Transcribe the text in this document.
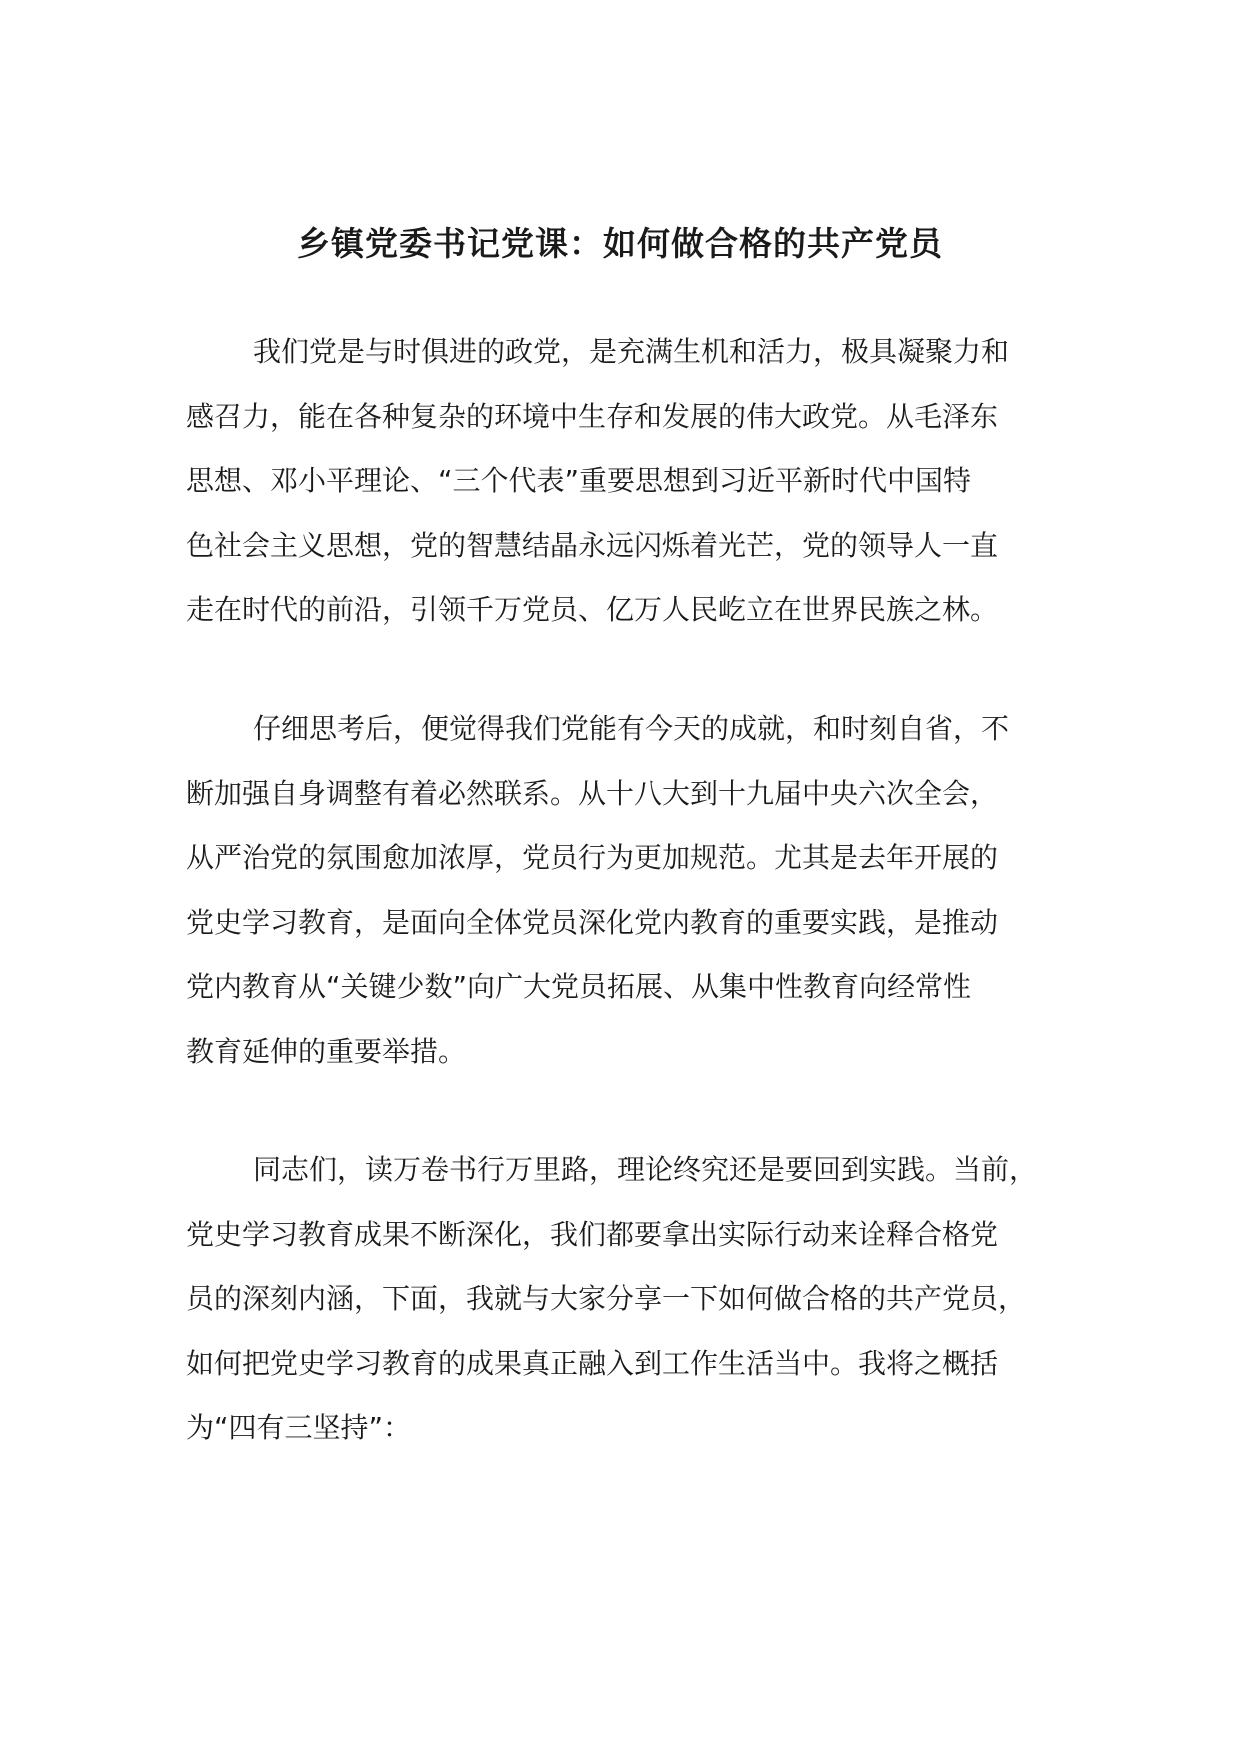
乡镇党委书记党课：如何做合格的共产党员
我们党是与时俱进的政党，是充满生机和活力，极具凝聚力和
感召力，能在各种复杂的环境中生存和发展的伟大政党。从毛泽东
思想、邓小平理论、“三个代表”重要思想到习近平新时代中国特
色社会主义思想，党的智慧结晶永远闪烁着光芒，党的领导人一直
走在时代的前沿，引领千万党员、亿万人民屹立在世界民族之林。
仔细思考后，便觉得我们党能有今天的成就，和时刻自省，不
断加强自身调整有着必然联系。从十八大到十九届中央六次全会，
从严治党的氛围愈加浓厚，党员行为更加规范。尤其是去年开展的
党史学习教育，是面向全体党员深化党内教育的重要实践，是推动
党内教育从“关键少数”向广大党员拓展、从集中性教育向经常性
教育延伸的重要举措。
同志们，读万卷书行万里路，理论终究还是要回到实践。当前，
党史学习教育成果不断深化，我们都要拿出实际行动来诠释合格党
员的深刻内涵，下面，我就与大家分享一下如何做合格的共产党员，
如何把党史学习教育的成果真正融入到工作生活当中。我将之概括
为“四有三坚持”：
